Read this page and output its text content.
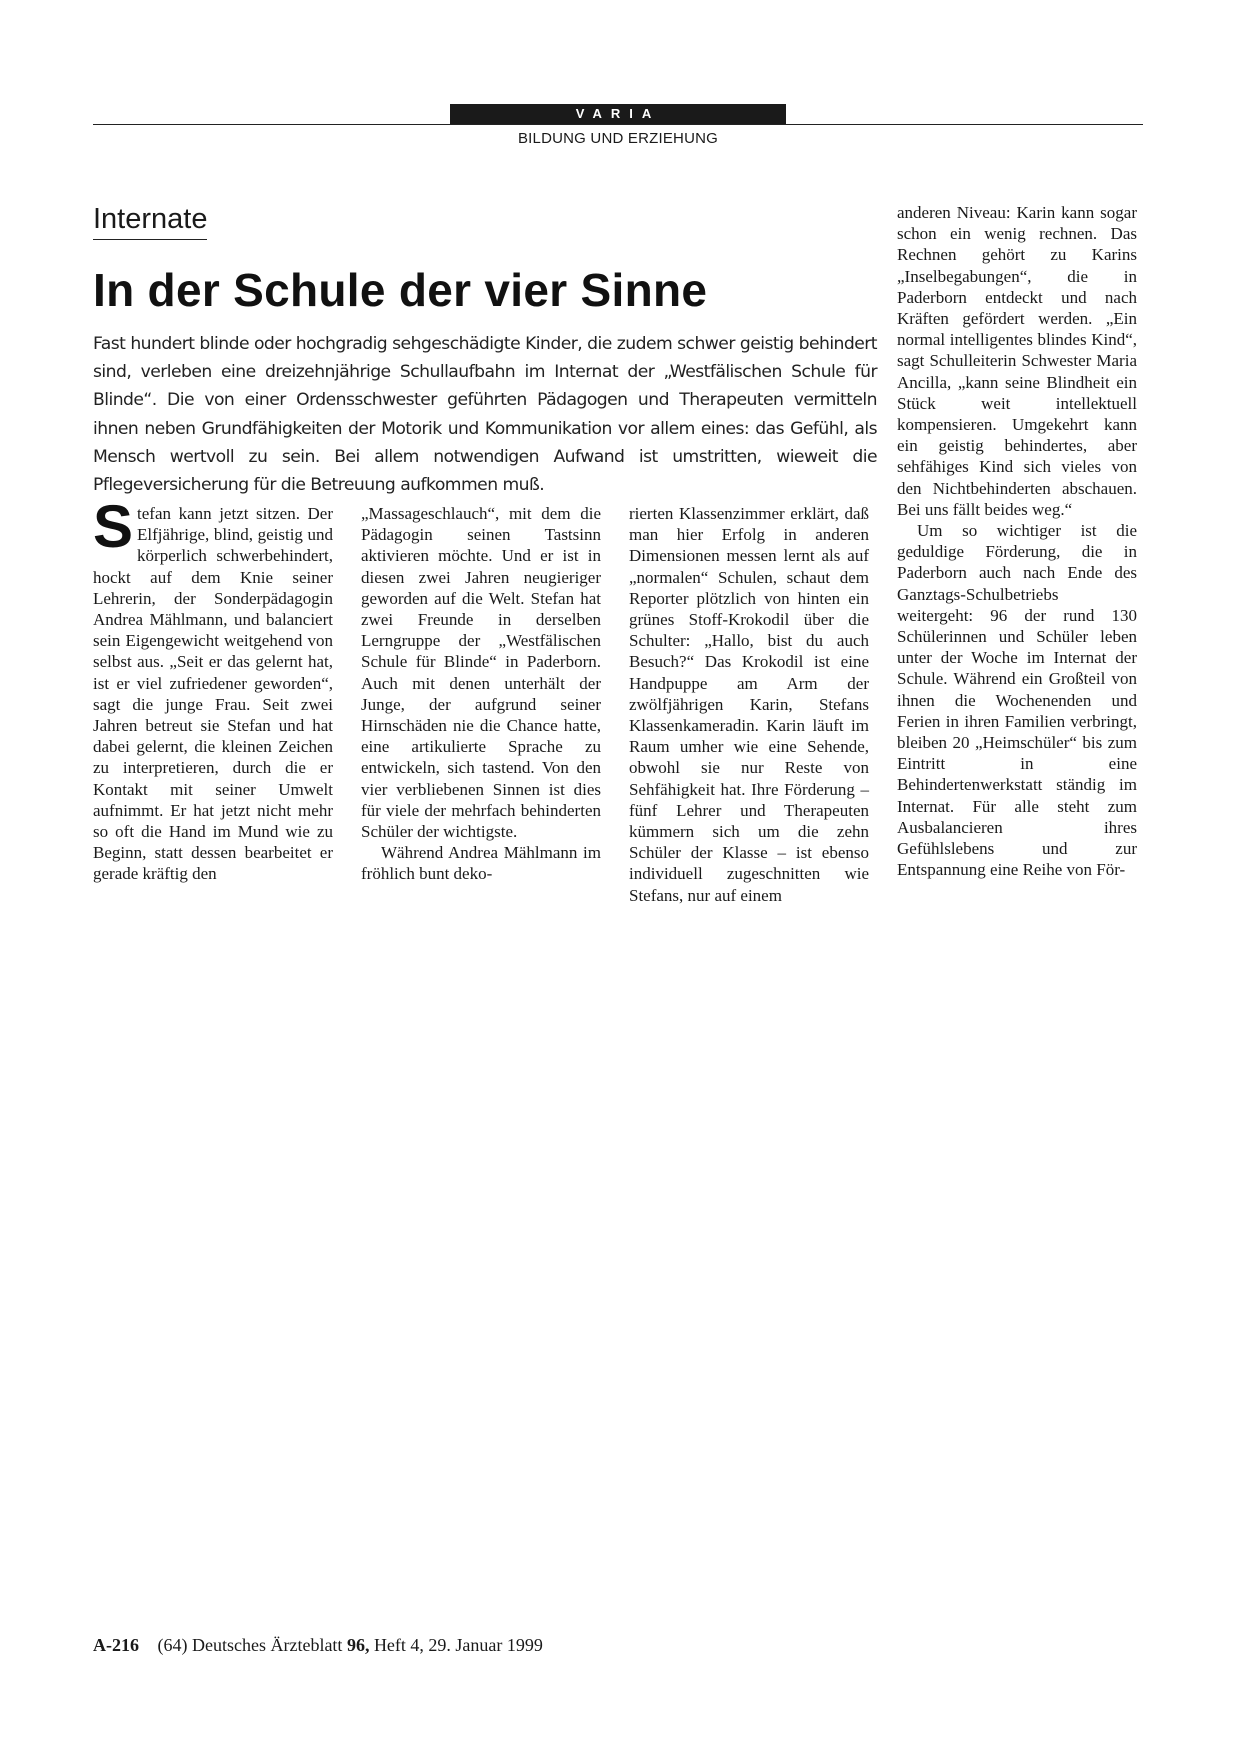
VARIA
BILDUNG UND ERZIEHUNG
Internate
In der Schule der vier Sinne

Fast hundert blinde oder hochgradig sehgeschädigte Kinder, die zudem schwer geistig behindert sind, verleben eine dreizehnjährige Schullaufbahn im Internat der „Westfälischen Schule für Blinde“. Die von einer Ordensschwester geführten Pädagogen und Therapeuten vermitteln ihnen neben Grundfähigkeiten der Motorik und Kommunikation vor allem eines: das Gefühl, als Mensch wertvoll zu sein. Bei allem notwendigen Aufwand ist umstritten, wieweit die Pflegeversicherung für die Betreuung aufkommen muß.

Stefan kann jetzt sitzen. Der Elfjährige, blind, geistig und körperlich schwerbehindert, hockt auf dem Knie seiner Lehrerin, der Sonderpädagogin Andrea Mählmann, und balanciert sein Eigengewicht weitgehend von selbst aus. „Seit er das gelernt hat, ist er viel zufriedener geworden“, sagt die junge Frau. Seit zwei Jahren betreut sie Stefan und hat dabei gelernt, die kleinen Zeichen zu interpretieren, durch die er Kontakt mit seiner Umwelt aufnimmt. Er hat jetzt nicht mehr so oft die Hand im Mund wie zu Beginn, statt dessen bearbeitet er gerade kräftig den

„Massageschlauch“, mit dem die Pädagogin seinen Tastsinn aktivieren möchte. Und er ist in diesen zwei Jahren neugieriger geworden auf die Welt. Stefan hat zwei Freunde in derselben Lerngruppe der „Westfälischen Schule für Blinde“ in Paderborn. Auch mit denen unterhält der Junge, der aufgrund seiner Hirnschäden nie die Chance hatte, eine artikulierte Sprache zu entwickeln, sich tastend. Von den vier verbliebenen Sinnen ist dies für viele der mehrfach behinderten Schüler der wichtigste.

Während Andrea Mählmann im fröhlich bunt deko-

rierten Klassenzimmer erklärt, daß man hier Erfolg in anderen Dimensionen messen lernt als auf „normalen“ Schulen, schaut dem Reporter plötzlich von hinten ein grünes Stoff-Krokodil über die Schulter: „Hallo, bist du auch Besuch?“ Das Krokodil ist eine Handpuppe am Arm der zwölfjährigen Karin, Stefans Klassenkameradin. Karin läuft im Raum umher wie eine Sehende, obwohl sie nur Reste von Sehfähigkeit hat. Ihre Förderung – fünf Lehrer und Therapeuten kümmern sich um die zehn Schüler der Klasse – ist ebenso individuell zugeschnitten wie Stefans, nur auf einem

anderen Niveau: Karin kann sogar schon ein wenig rechnen. Das Rechnen gehört zu Karins „Inselbegabungen“, die in Paderborn entdeckt und nach Kräften gefördert werden. „Ein normal intelligentes blindes Kind“, sagt Schulleiterin Schwester Maria Ancilla, „kann seine Blindheit ein Stück weit intellektuell kompensieren. Umgekehrt kann ein geistig behindertes, aber sehfähiges Kind sich vieles von den Nichtbehinderten abschauen. Bei uns fällt beides weg.“

Um so wichtiger ist die geduldige Förderung, die in Paderborn auch nach Ende des Ganztags-Schulbetriebs weitergeht: 96 der rund 130 Schülerinnen und Schüler leben unter der Woche im Internat der Schule. Während ein Großteil von ihnen die Wochenenden und Ferien in ihren Familien verbringt, bleiben 20 „Heimschüler“ bis zum Eintritt in eine Behindertenwerkstatt ständig im Internat. Für alle steht zum Ausbalancieren ihres Gefühlslebens und zur Entspannung eine Reihe von För-

A-216 (64) Deutsches Ärzteblatt 96, Heft 4, 29. Januar 1999
